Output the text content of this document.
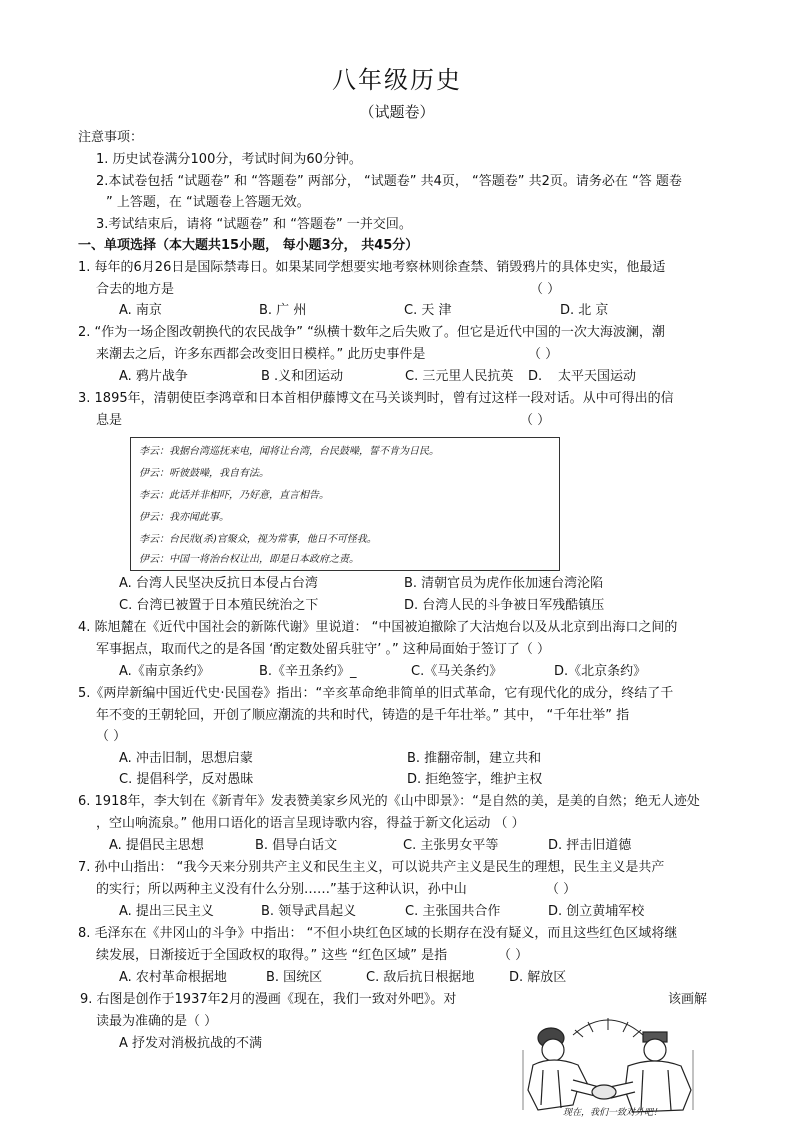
八年级历史
（试题卷）
注意事项：
1. 历史试卷满分100分，考试时间为60分钟。
2.本试卷包括 “试题卷” 和 “答题卷” 两部分， “试题卷” 共4页， “答题卷” 共2页。请务必在 “答 题卷
” 上答题，在 “试题卷上答题无效。
3.考试结束后，请将 “试题卷” 和 “答题卷” 一并交回。
一、单项选择（本大题共15小题， 每小题3分， 共45分）
1. 每年的6月26日是国际禁毒日。如果某同学想要实地考察林则徐查禁、销毁鸦片的具体史实，他最适
合去的地方是	（ ）
A. 南京	B. 广 州	C. 天 津	D. 北 京
2. “作为一场企图改朝换代的农民战争” “纵横十数年之后失败了。但它是近代中国的一次大海波澜，潮
来潮去之后，许多东西都会改变旧日模样。” 此历史事件是	（ ）
A. 鸦片战争	B .义和团运动	C. 三元里人民抗英 D. 太平天国运动
3. 1895年，清朝使臣李鸿章和日本首相伊藤博文在马关谈判时，曾有过这样一段对话。从中可得出的信
息是	（ ）
李云：我据台湾巡抚来电，闻将让台湾，台民鼓噪，誓不肯为日民。
伊云：听彼鼓噪，我自有法。
李云：此话并非相吓，乃好意，直言相告。
伊云：我亦闻此事。
李云：台民戕(杀)官聚众，视为常事，他日不可怪我。
伊云：中国一将治台权让出，即是日本政府之责。
A. 台湾人民坚决反抗日本侵占台湾	B. 清朝官员为虎作伥加速台湾沦陷
C. 台湾已被置于日本殖民统治之下	D. 台湾人民的斗争被日军残酷镇压
4. 陈旭麓在《近代中国社会的新陈代谢》里说道： “中国被迫撤除了大沽炮台以及从北京到出海口之间的
军事据点，取而代之的是各国 ‘酌定数处留兵驻守’ 。” 这种局面始于签订了（ ）
A.《南京条约》	B.《辛丑条约》_	C.《马关条约》	D.《北京条约》
5.《两岸新编中国近代史·民国卷》指出：“辛亥革命绝非简单的旧式革命，它有现代化的成分，终结了千
年不变的王朝轮回，开创了顺应潮流的共和时代，铸造的是千年壮举。” 其中， “千年壮举” 指
（ ）
A. 冲击旧制，思想启蒙	B. 推翻帝制，建立共和
C. 提倡科学，反对愚昧	D. 拒绝签字，维护主权
6. 1918年，李大钊在《新青年》发表赞美家乡风光的《山中即景》：“是自然的美，是美的自然；绝无人迹处
，空山响流泉。” 他用口语化的语言呈现诗歌内容，得益于新文化运动 （ ）
A. 提倡民主思想	B. 倡导白话文	C. 主张男女平等	D. 抨击旧道德
7. 孙中山指出： “我今天来分别共产主义和民生主义，可以说共产主义是民生的理想，民生主义是共产
的实行；所以两种主义没有什么分别……”基于这种认识，孙中山	（ ）
A. 提出三民主义	B. 领导武昌起义	C. 主张国共合作	D. 创立黄埔军校
8. 毛泽东在《井冈山的斗争》中指出： “不但小块红色区域的长期存在没有疑义，而且这些红色区域将继
续发展，日渐接近于全国政权的取得。” 这些 “红色区域” 是指	（ ）
A. 农村革命根据地	B. 国统区	C. 敌后抗日根据地	D. 解放区
9. 右图是创作于1937年2月的漫画《现在，我们一致对外吧》。对	该画解
读最为准确的是（ ）
A 抒发对消极抗战的不满
现在，我们一致对外吧！
